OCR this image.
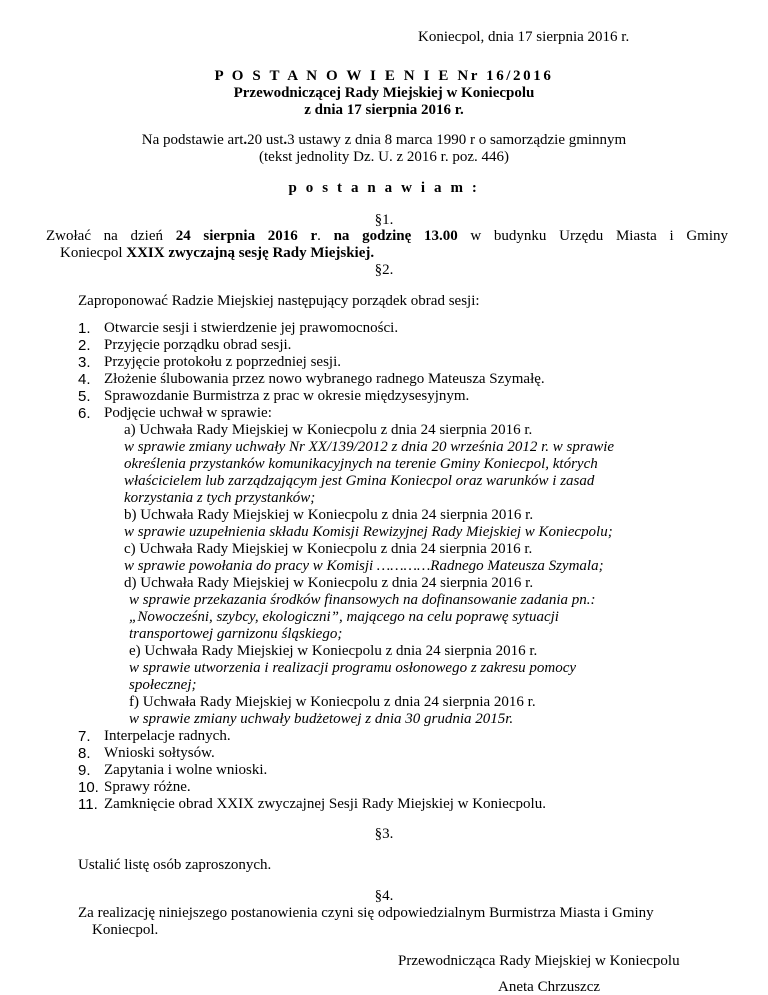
Koniecpol, dnia 17 sierpnia 2016 r.
P O S T A N O W I E N I E Nr 16/2016
Przewodniczącej Rady Miejskiej w Koniecpolu
z dnia 17 sierpnia 2016 r.
Na podstawie art.20 ust.3 ustawy z dnia 8 marca 1990 r o samorządzie gminnym
(tekst jednolity Dz. U. z 2016 r. poz. 446)
p o s t a n a w i a m :
§1.
Zwołać na dzień 24 sierpnia 2016 r. na godzinę 13.00 w budynku Urzędu Miasta i Gminy
Koniecpol XXIX zwyczajną sesję Rady Miejskiej.
§2.
Zaproponować Radzie Miejskiej następujący porządek obrad sesji:
1. Otwarcie sesji i stwierdzenie jej prawomocności.
2. Przyjęcie porządku obrad sesji.
3. Przyjęcie protokołu z poprzedniej sesji.
4. Złożenie ślubowania przez nowo wybranego radnego Mateusza Szymałę.
5. Sprawozdanie Burmistrza z prac w okresie międzysesyjnym.
6. Podjęcie uchwał w sprawie:
a) Uchwała Rady Miejskiej w Koniecpolu z dnia 24 sierpnia 2016 r.
w sprawie zmiany uchwały Nr XX/139/2012 z dnia 20 września 2012 r. w sprawie
określenia przystanków komunikacyjnych na terenie Gminy Koniecpol, których
właścicielem lub zarządzającym jest Gmina Koniecpol oraz warunków i zasad
korzystania z tych przystanków;
b) Uchwała Rady Miejskiej w Koniecpolu z dnia 24 sierpnia 2016 r.
w sprawie uzupełnienia składu Komisji Rewizyjnej Rady Miejskiej w Koniecpolu;
c) Uchwała Rady Miejskiej w Koniecpolu z dnia 24 sierpnia 2016 r.
w sprawie powołania do pracy w Komisji …………Radnego Mateusza Szymala;
d) Uchwała Rady Miejskiej w Koniecpolu z dnia 24 sierpnia 2016 r.
w sprawie przekazania środków finansowych na dofinansowanie zadania pn.:
„Nowocześni, szybcy, ekologiczni”, mającego na celu poprawę sytuacji
transportowej garnizonu śląskiego;
e) Uchwała Rady Miejskiej w Koniecpolu z dnia 24 sierpnia 2016 r.
w sprawie utworzenia i realizacji programu osłonowego z zakresu pomocy
społecznej;
f) Uchwała Rady Miejskiej w Koniecpolu z dnia 24 sierpnia 2016 r.
w sprawie zmiany uchwały budżetowej z dnia 30 grudnia 2015r.
7. Interpelacje radnych.
8. Wnioski sołtysów.
9. Zapytania i wolne wnioski.
10. Sprawy różne.
11. Zamknięcie obrad XXIX zwyczajnej Sesji Rady Miejskiej w Koniecpolu.
§3.
Ustalić listę osób zaproszonych.
§4.
Za realizację niniejszego postanowienia czyni się odpowiedzialnym Burmistrza Miasta i Gminy
Koniecpol.
Przewodnicząca Rady Miejskiej w Koniecpolu
Aneta Chrzuszcz
